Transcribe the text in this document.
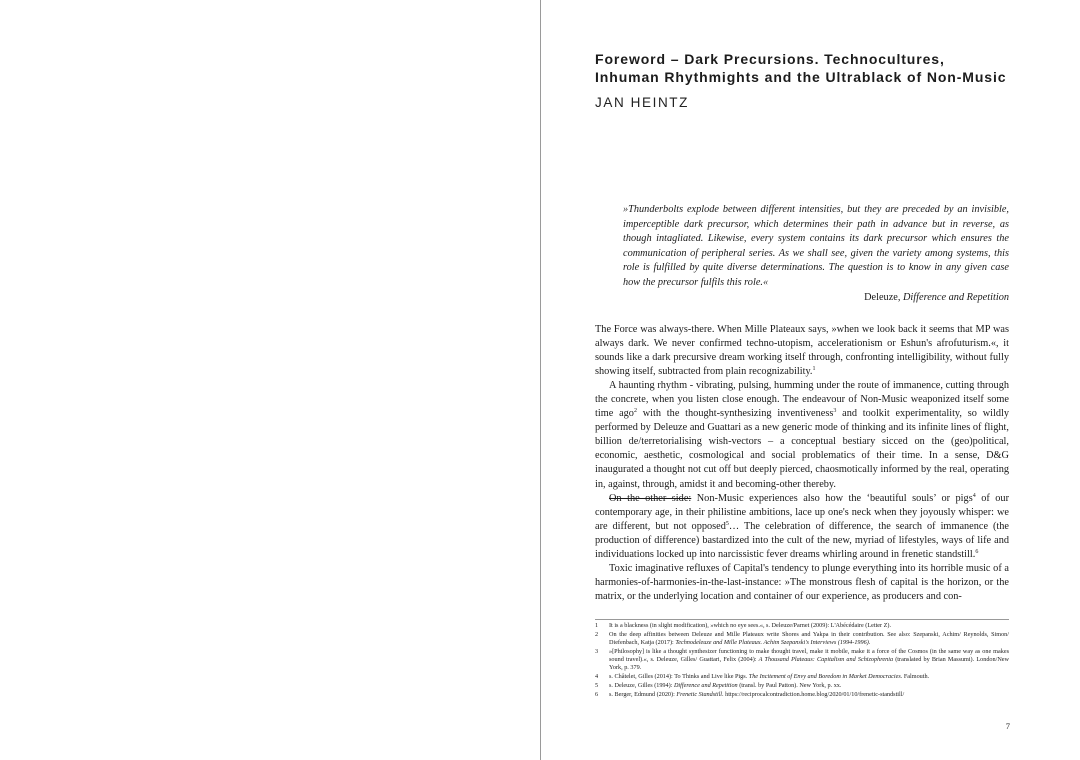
Foreword – Dark Precursions. Technocultures,
Inhuman Rhythmights and the Ultrablack of Non-Music
JAN HEINTZ
»Thunderbolts explode between different intensities, but they are preceded by an invisible, imperceptible dark precursor, which determines their path in advance but in reverse, as though intagliated. Likewise, every system contains its dark precursor which ensures the communication of peripheral series. As we shall see, given the variety among systems, this role is fulfilled by quite diverse determinations. The question is to know in any given case how the precursor fulfils this role.«
Deleuze, Difference and Repetition

The Force was always-there. When Mille Plateaux says, »when we look back it seems that MP was always dark. We never confirmed techno-utopism, accelerationism or Eshun's afrofuturism.«, it sounds like a dark precursive dream working itself through, confronting intelligibility, without fully showing itself, subtracted from plain recognizability.$^1$

A haunting rhythm - vibrating, pulsing, humming under the route of immanence, cutting through the concrete, when you listen close enough. The endeavour of Non-Music weaponized itself some time ago$^2$ with the thought-synthesizing inventiveness$^3$ and toolkit experimentality, so wildly performed by Deleuze and Guattari as a new generic mode of thinking and its infinite lines of flight, billion de/terretorialising wish-vectors – a conceptual bestiary sicced on the (geo)political, economic, aesthetic, cosmological and social problematics of their time. In a sense, D&G inaugurated a thought not cut off but deeply pierced, chaosmotically informed by the real, operating in, against, through, amidst it and becoming-other thereby.

On the other side: Non-Music experiences also how the ‘beautiful souls’ or pigs$^4$ of our contemporary age, in their philistine ambitions, lace up one's neck when they joyously whisper: we are different, but not opposed$^5$… The celebration of difference, the search of immanence (the production of difference) bastardized into the cult of the new, myriad of lifestyles, ways of life and individuations locked up into narcissistic fever dreams whirling around in frenetic standstill.$^6$

Toxic imaginative refluxes of Capital's tendency to plunge everything into its horrible music of a harmonies-of-harmonies-in-the-last-instance: »The monstrous flesh of capital is the horizon, or the matrix, or the underlying location and container of our experience, as producers and con-

1	It is a blackness (in slight modification), »which no eye sees.«, s. Deleuze/Parnet (2009): L'Abécédaire (Letter Z).
2	On the deep affinities between Deleuze and Mille Plateaux write Shores and Yakpa in their contribution. See also: Szepanski, Achim/ Reynolds, Simon/ Diefenbach, Katja (2017): Technodeleuze and Mille Plateaux. Achim Szepanski's Interviews (1994-1996).
3	»[Philosophy] is like a thought synthesizer functioning to make thought travel, make it mobile, make it a force of the Cosmos (in the same way as one makes sound travel).«, s. Deleuze, Gilles/ Guattari, Felix (2004): A Thousand Plateaus: Capitalism and Schizophrenia (translated by Brian Massumi). London/New York, p. 379.
4	s. Châtelet, Gilles (2014): To Thinks and Live like Pigs. The Incitement of Envy and Boredom in Market Democracies. Falmouth.
5	s. Deleuze, Gilles (1994): Difference and Repetition (transl. by Paul Patton). New York, p. xx.
6	s. Berger, Edmund (2020): Frenetic Standstill. https://reciprocalcontradiction.home.blog/2020/01/10/frenetic-standstill/
7
